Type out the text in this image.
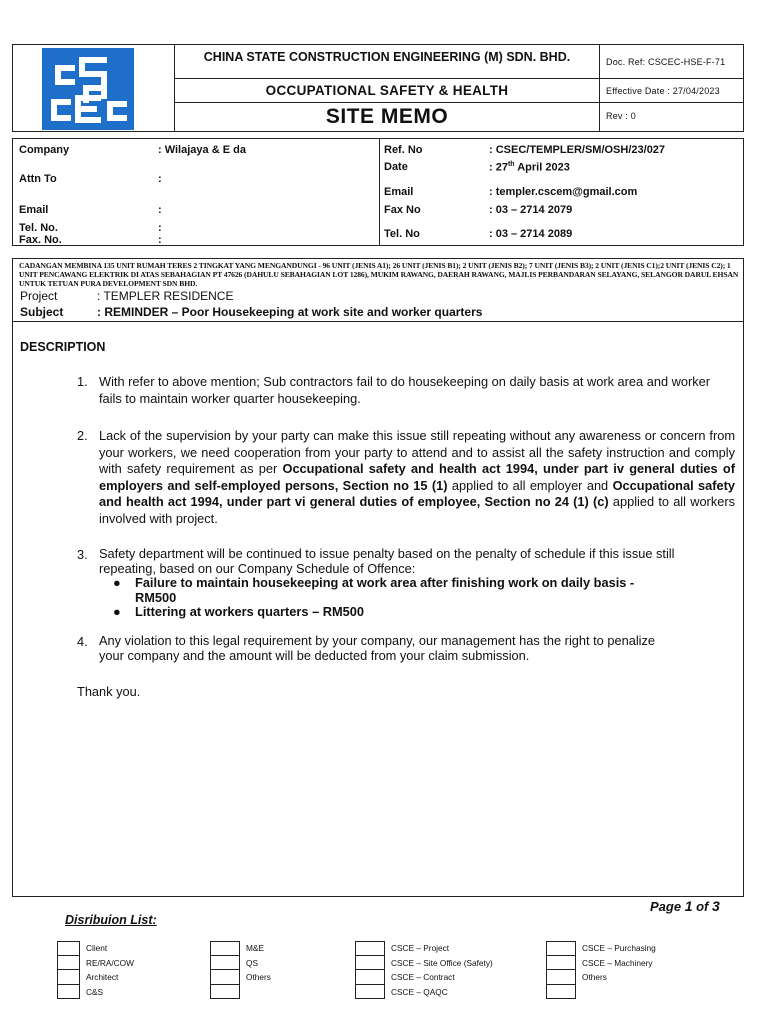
CHINA STATE CONSTRUCTION ENGINEERING (M) SDN. BHD.
OCCUPATIONAL SAFETY & HEALTH
SITE MEMO
Doc. Ref: CSCEC-HSE-F-71
Effective Date : 27/04/2023
Rev : 0
Company	: Wilajaya & E da
Attn To	:
Email	:
Tel. No.	:
Fax. No.	:
Ref. No	: CSEC/TEMPLER/SM/OSH/23/027
Date	: 27th April 2023
Email	: templer.cscem@gmail.com
Fax No	: 03 – 2714 2079
Tel. No	: 03 – 2714 2089
CADANGAN MEMBINA 135 UNIT RUMAH TERES 2 TINGKAT YANG MENGANDUNGI - 96 UNIT (JENIS A1); 26 UNIT (JENIS B1); 2 UNIT (JENIS B2); 7 UNIT (JENIS B3); 2 UNIT (JENIS C1);2 UNIT (JENIS C2); 1 UNIT PENCAWANG ELEKTRIK DI ATAS SEBAHAGIAN PT 47626 (DAHULU SEBAHAGIAN LOT 1286), MUKIM RAWANG, DAERAH RAWANG, MAJLIS PERBANDARAN SELAYANG, SELANGOR DARUL EHSAN UNTUK TETUAN PURA DEVELOPMENT SDN BHD.
Project	: TEMPLER RESIDENCE
Subject	: REMINDER – Poor Housekeeping at work site and worker quarters
DESCRIPTION
1. With refer to above mention; Sub contractors fail to do housekeeping on daily basis at work area and worker fails to maintain worker quarter housekeeping.
2. Lack of the supervision by your party can make this issue still repeating without any awareness or concern from your workers, we need cooperation from your party to attend and to assist all the safety instruction and comply with safety requirement as per Occupational safety and health act 1994, under part iv general duties of employers and self-employed persons, Section no 15 (1) applied to all employer and Occupational safety and health act 1994, under part vi general duties of employee, Section no 24 (1) (c) applied to all workers involved with project.
3. Safety department will be continued to issue penalty based on the penalty of schedule if this issue still repeating, based on our Company Schedule of Offence:
● Failure to maintain housekeeping at work area after finishing work on daily basis - RM500
● Littering at workers quarters – RM500
4. Any violation to this legal requirement by your company, our management has the right to penalize your company and the amount will be deducted from your claim submission.
Thank you.
Page 1 of 3
Disribuion List:
Client
RE/RA/COW
Architect
C&S
M&E
QS
Others
CSCE – Project
CSCE – Site Office (Safety)
CSCE – Contract
CSCE – QAQC
CSCE – Purchasing
CSCE – Machinery
Others
